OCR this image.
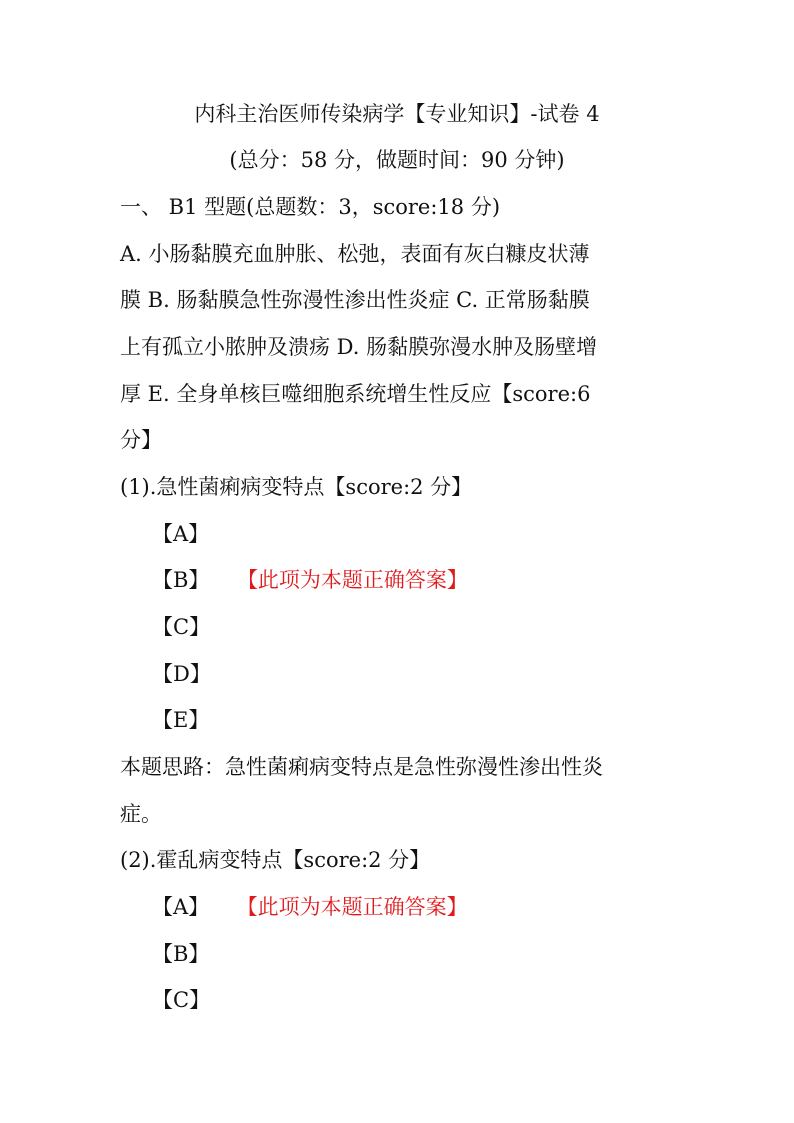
内科主治医师传染病学【专业知识】-试卷 4
(总分：58 分，做题时间：90 分钟)
一、 B1 型题(总题数：3，score:18 分)
A. 小肠黏膜充血肿胀、松弛，表面有灰白糠皮状薄
膜 B. 肠黏膜急性弥漫性渗出性炎症 C. 正常肠黏膜
上有孤立小脓肿及溃疡 D. 肠黏膜弥漫水肿及肠壁增
厚 E. 全身单核巨噬细胞系统增生性反应【score:6
分】
(1).急性菌痢病变特点【score:2 分】
【A】
【B】 【此项为本题正确答案】
【C】
【D】
【E】
本题思路：急性菌痢病变特点是急性弥漫性渗出性炎
症。
(2).霍乱病变特点【score:2 分】
【A】 【此项为本题正确答案】
【B】
【C】
